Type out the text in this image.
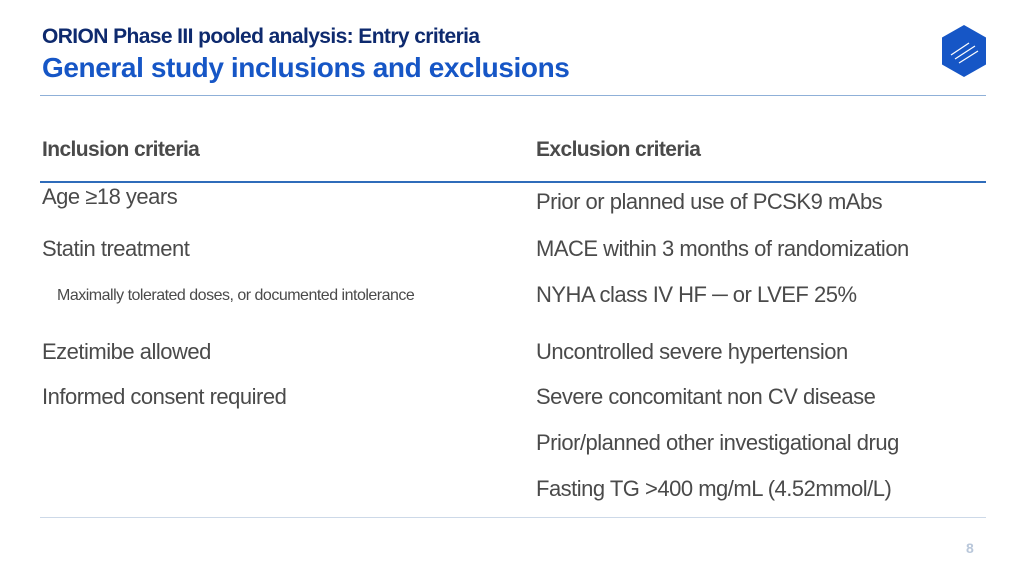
ORION Phase III pooled analysis: Entry criteria
General study inclusions and exclusions
Inclusion criteria	Exclusion criteria
Age ≥18 years
Statin treatment
Maximally tolerated doses, or documented intolerance
Ezetimibe allowed
Informed consent required
Prior or planned use of PCSK9 mAbs
MACE within 3 months of randomization
NYHA class IV HF ─ or LVEF 25%
Uncontrolled severe hypertension
Severe concomitant non CV disease
Prior/planned other investigational drug
Fasting TG >400 mg/mL (4.52mmol/L)
8
